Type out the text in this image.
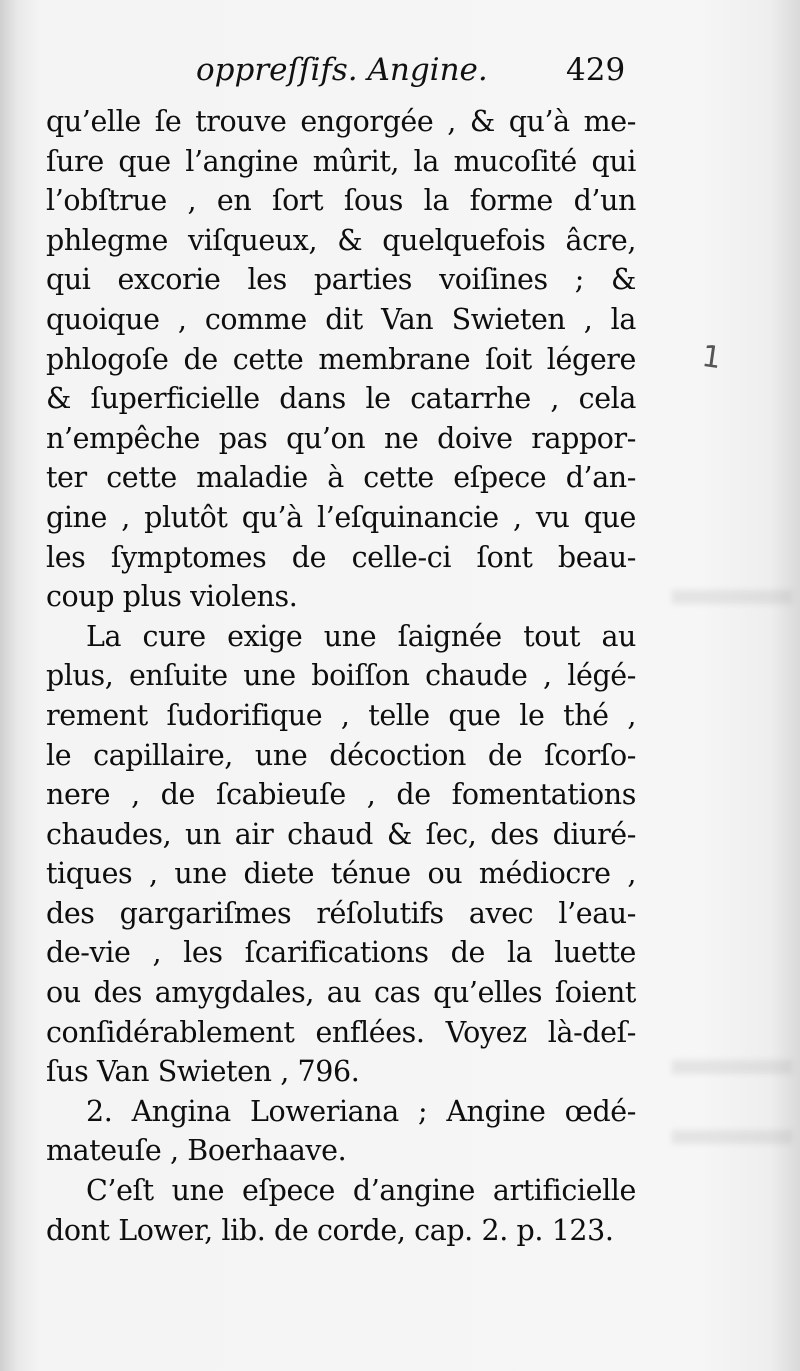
oppreſſifs. Angine.	429
1
qu’elle ſe trouve engorgée , & qu’à me-
ſure que l’angine mûrit, la mucoſité qui
l’obſtrue , en ſort ſous la forme d’un
phlegme viſqueux, & quelquefois âcre,
qui excorie les parties voiſines ; &
quoique , comme dit Van Swieten , la
phlogoſe de cette membrane ſoit légere
& ſuperficielle dans le catarrhe , cela
n’empêche pas qu’on ne doive rappor-
ter cette maladie à cette eſpece d’an-
gine , plutôt qu’à l’eſquinancie , vu que
les ſymptomes de celle-ci ſont beau-
coup plus violens.
La cure exige une ſaignée tout au
plus, enſuite une boiſſon chaude , légé-
rement ſudorifique , telle que le thé ,
le capillaire, une décoction de ſcorſo-
nere , de ſcabieuſe , de fomentations
chaudes, un air chaud & ſec, des diuré-
tiques , une diete ténue ou médiocre ,
des gargariſmes réſolutifs avec l’eau-
de-vie , les ſcarifications de la luette
ou des amygdales, au cas qu’elles ſoient
conſidérablement enflées. Voyez là-deſ-
ſus Van Swieten , 796.
2. Angina Loweriana ; Angine œdé-
mateuſe , Boerhaave.
C’eſt une eſpece d’angine artificielle
dont Lower, lib. de corde, cap. 2. p. 123.
